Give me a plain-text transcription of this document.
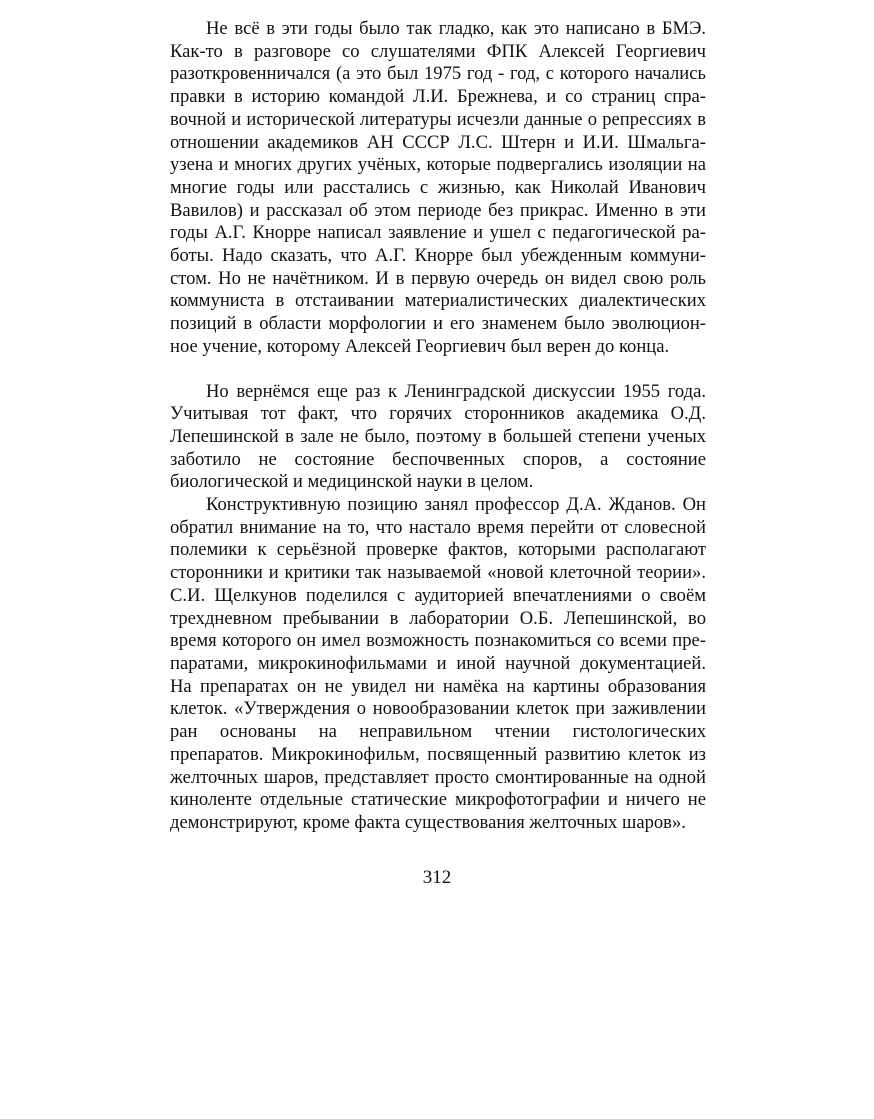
Не всё в эти годы было так гладко, как это написано в БМЭ. Как-то в разговоре со слушателями ФПК Алексей Георгиевич разоткровенничался (а это был 1975 год - год, с которого начались правки в историю командой Л.И. Брежнева, и со страниц справочной и исторической литературы исчезли данные о репрессиях в отношении академиков АН СССР Л.С. Штерн и И.И. Шмальгаузена и многих других учёных, которые подвергались изоляции на многие годы или расстались с жизнью, как Николай Иванович Вавилов) и рассказал об этом периоде без прикрас. Именно в эти годы А.Г. Кнорре написал заявление и ушел с педагогической работы. Надо сказать, что А.Г. Кнорре был убежденным коммунистом. Но не начётником. И в первую очередь он видел свою роль коммуниста в отстаивании материалистических диалектических позиций в области морфологии и его знаменем было эволюционное учение, которому Алексей Георгиевич был верен до конца.

Но вернёмся еще раз к Ленинградской дискуссии 1955 года. Учитывая тот факт, что горячих сторонников академика О.Д. Лепешинской в зале не было, поэтому в большей степени ученых заботило не состояние беспочвенных споров, а состояние биологической и медицинской науки в целом.

Конструктивную позицию занял профессор Д.А. Жданов. Он обратил внимание на то, что настало время перейти от словесной полемики к серьёзной проверке фактов, которыми располагают сторонники и критики так называемой «новой клеточной теории». С.И. Щелкунов поделился с аудиторией впечатлениями о своём трехдневном пребывании в лаборатории О.Б. Лепешинской, во время которого он имел возможность познакомиться со всеми препаратами, микрокинофильмами и иной научной документацией. На препаратах он не увидел ни намёка на картины образования клеток. «Утверждения о новообразовании клеток при заживлении ран основаны на неправильном чтении гистологических препаратов. Микрокинофильм, посвященный развитию клеток из желточных шаров, представляет просто смонтированные на одной киноленте отдельные статические микрофотографии и ничего не демонстрируют, кроме факта существования желточных шаров».

312
